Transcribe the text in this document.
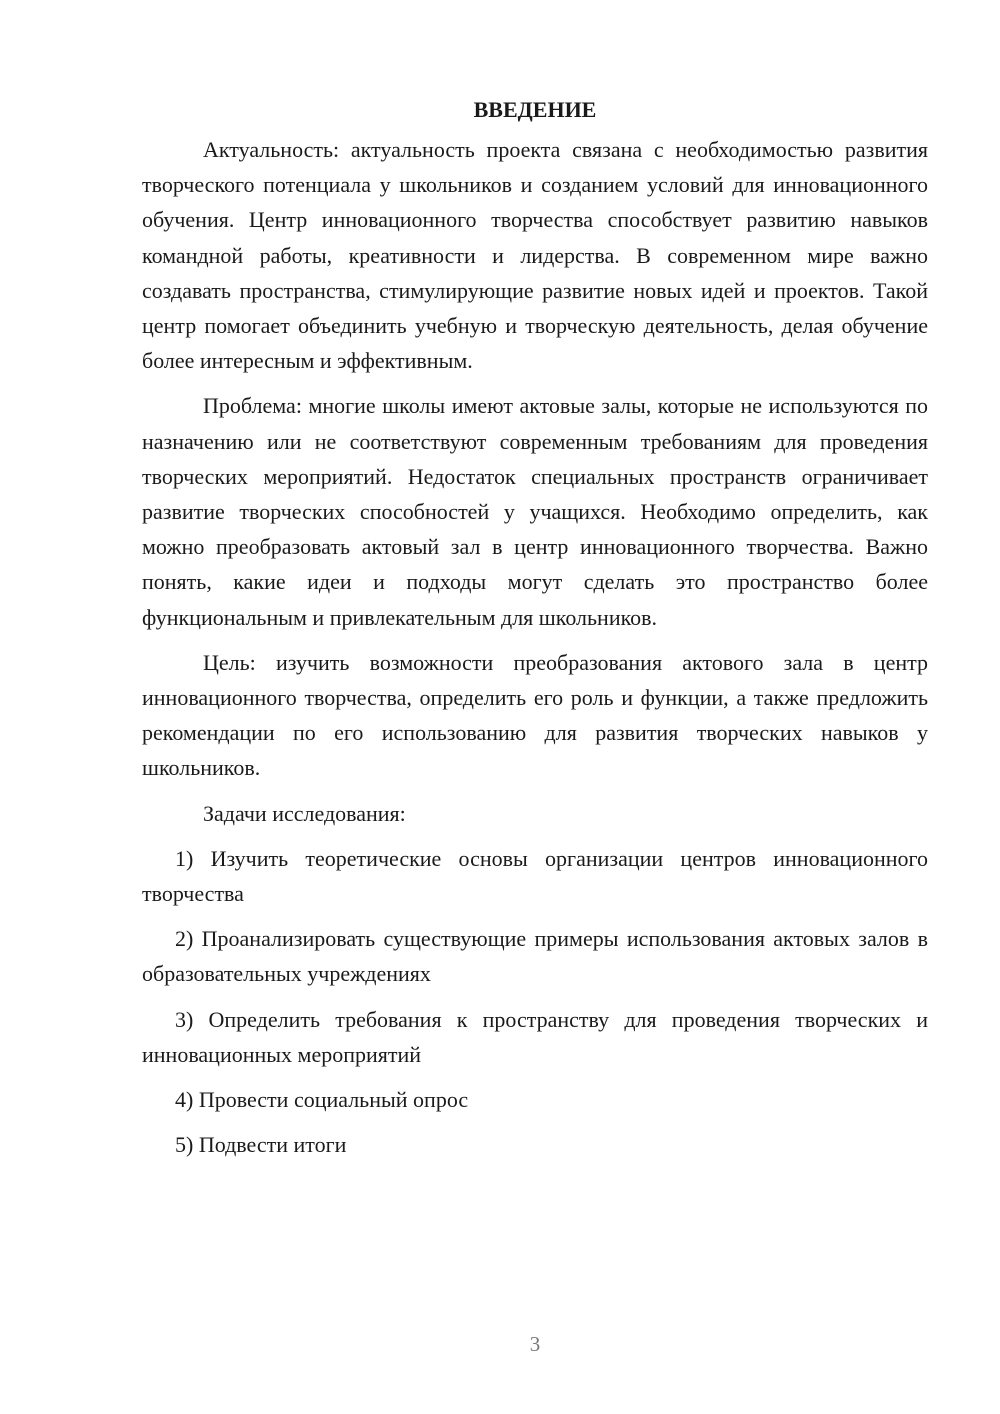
ВВЕДЕНИЕ

Актуальность: актуальность проекта связана с необходимостью развития творческого потенциала у школьников и созданием условий для инновационного обучения. Центр инновационного творчества способствует развитию навыков командной работы, креативности и лидерства. В современном мире важно создавать пространства, стимулирующие развитие новых идей и проектов. Такой центр помогает объединить учебную и творческую деятельность, делая обучение более интересным и эффективным.

Проблема: многие школы имеют актовые залы, которые не используются по назначению или не соответствуют современным требованиям для проведения творческих мероприятий. Недостаток специальных пространств ограничивает развитие творческих способностей у учащихся. Необходимо определить, как можно преобразовать актовый зал в центр инновационного творчества. Важно понять, какие идеи и подходы могут сделать это пространство более функциональным и привлекательным для школьников.

Цель: изучить возможности преобразования актового зала в центр инновационного творчества, определить его роль и функции, а также предложить рекомендации по его использованию для развития творческих навыков у школьников.

Задачи исследования:

1) Изучить теоретические основы организации центров инновационного творчества
2) Проанализировать существующие примеры использования актовых залов в образовательных учреждениях
3) Определить требования к пространству для проведения творческих и инновационных мероприятий
4) Провести социальный опрос
5) Подвести итоги
3
